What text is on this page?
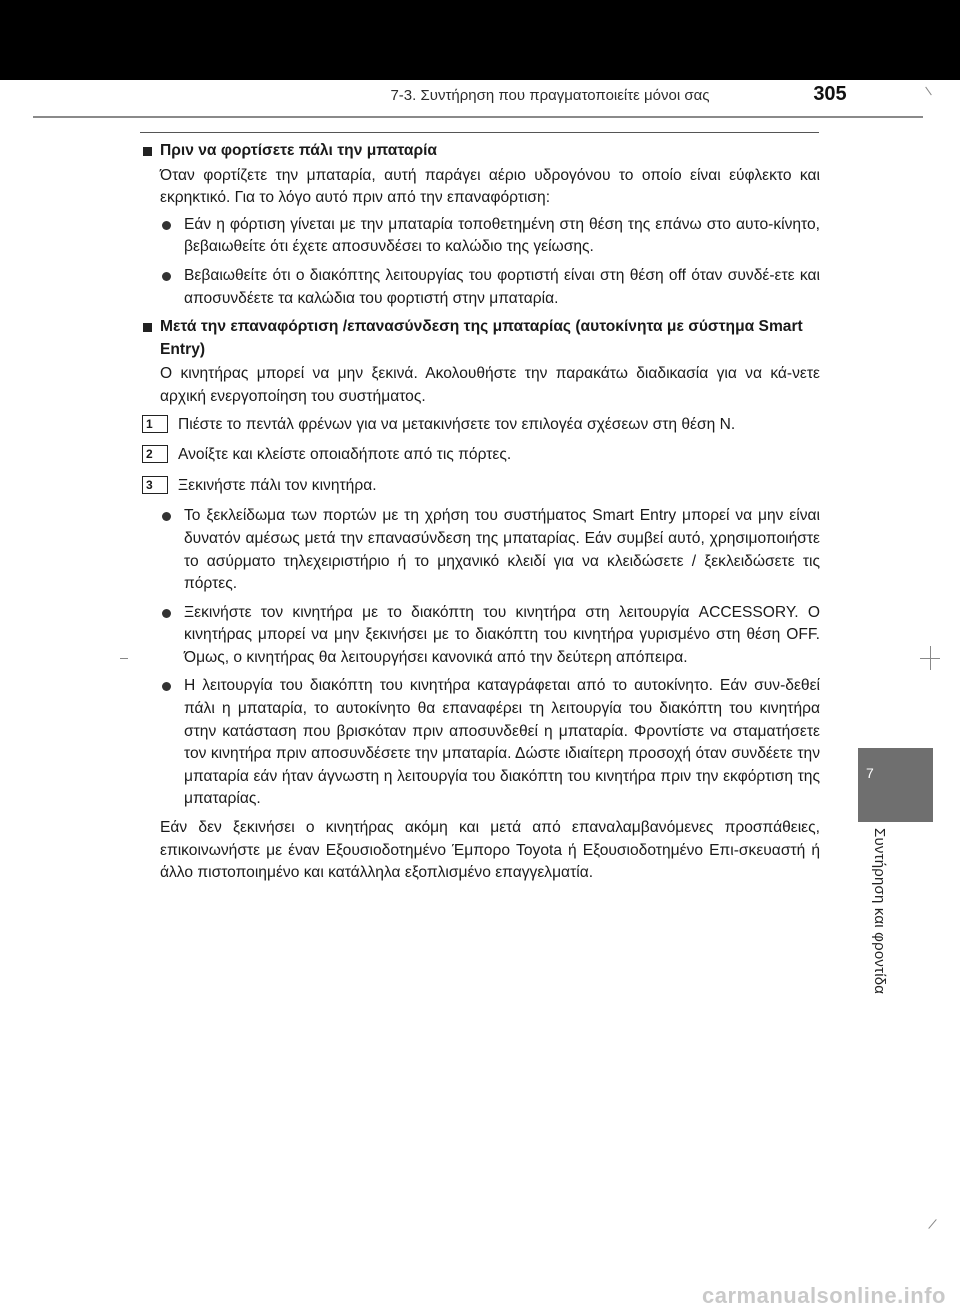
7-3. Συντήρηση που πραγματοποιείτε μόνοι σας	305
Πριν να φορτίσετε πάλι την μπαταρία
Όταν φορτίζετε την μπαταρία, αυτή παράγει αέριο υδρογόνου το οποίο είναι εύφλεκτο και εκρηκτικό. Για το λόγο αυτό πριν από την επαναφόρτιση:
Εάν η φόρτιση γίνεται με την μπαταρία τοποθετημένη στη θέση της επάνω στο αυτο-κίνητο, βεβαιωθείτε ότι έχετε αποσυνδέσει το καλώδιο της γείωσης.
Βεβαιωθείτε ότι ο διακόπτης λειτουργίας του φορτιστή είναι στη θέση off όταν συνδέ-ετε και αποσυνδέετε τα καλώδια του φορτιστή στην μπαταρία.
Μετά την επαναφόρτιση /επανασύνδεση της μπαταρίας (αυτοκίνητα με σύστημα Smart Entry)
Ο κινητήρας μπορεί να μην ξεκινά. Ακολουθήστε την παρακάτω διαδικασία για να κά-νετε αρχική ενεργοποίηση του συστήματος.
1	Πιέστε το πεντάλ φρένων για να μετακινήσετε τον επιλογέα σχέσεων στη θέση N.
2	Ανοίξτε και κλείστε οποιαδήποτε από τις πόρτες.
3	Ξεκινήστε πάλι τον κινητήρα.
Το ξεκλείδωμα των πορτών με τη χρήση του συστήματος Smart Entry μπορεί να μην είναι δυνατόν αμέσως μετά την επανασύνδεση της μπαταρίας. Εάν συμβεί αυτό, χρησιμοποιήστε το ασύρματο τηλεχειριστήριο ή το μηχανικό κλειδί για να κλειδώσετε / ξεκλειδώσετε τις πόρτες.
Ξεκινήστε τον κινητήρα με το διακόπτη του κινητήρα στη λειτουργία ACCESSORY. Ο κινητήρας μπορεί να μην ξεκινήσει με το διακόπτη του κινητήρα γυρισμένο στη θέση OFF. Όμως, ο κινητήρας θα λειτουργήσει κανονικά από την δεύτερη απόπειρα.
Η λειτουργία του διακόπτη του κινητήρα καταγράφεται από το αυτοκίνητο. Εάν συν-δεθεί πάλι η μπαταρία, το αυτοκίνητο θα επαναφέρει τη λειτουργία του διακόπτη του κινητήρα στην κατάσταση που βρισκόταν πριν αποσυνδεθεί η μπαταρία. Φροντίστε να σταματήσετε τον κινητήρα πριν αποσυνδέσετε την μπαταρία. Δώστε ιδιαίτερη προσοχή όταν συνδέετε την μπαταρία εάν ήταν άγνωστη η λειτουργία του διακόπτη του κινητήρα πριν την εκφόρτιση της μπαταρίας.
Εάν δεν ξεκινήσει ο κινητήρας ακόμη και μετά από επαναλαμβανόμενες προσπάθειες, επικοινωνήστε με έναν Εξουσιοδοτημένο Έμπορο Toyota ή Εξουσιοδοτημένο Επι-σκευαστή ή άλλο πιστοποιημένο και κατάλληλα εξοπλισμένο επαγγελματία.
7
Συντήρηση και φροντίδα
carmanualsonline.info
